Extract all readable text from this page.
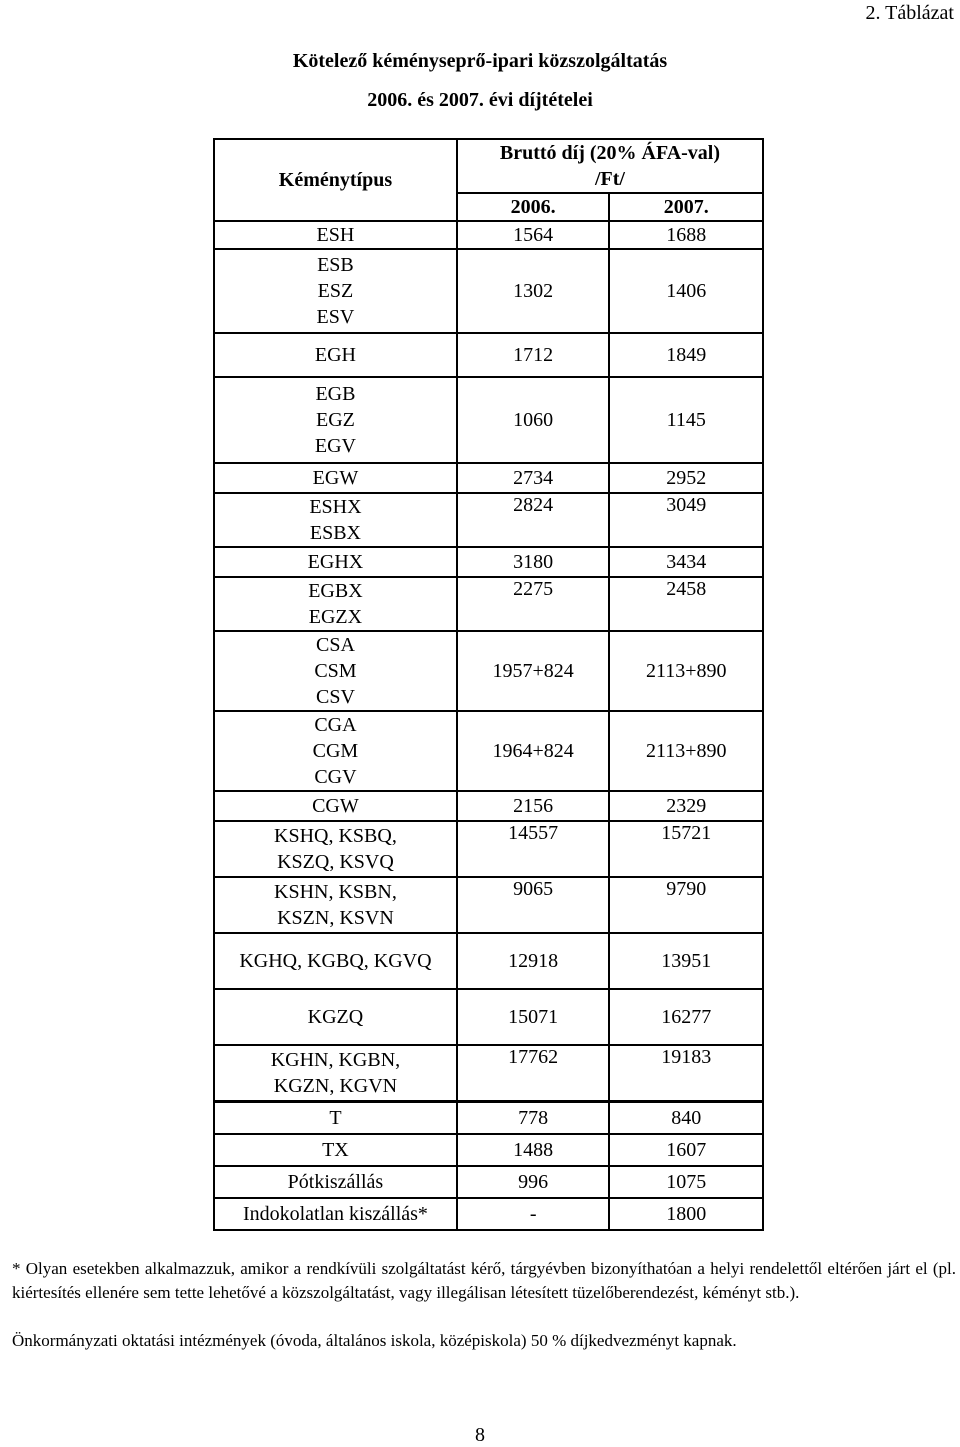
2. Táblázat
Kötelező kéményseprő-ipari közszolgáltatás
2006. és 2007. évi díjtételei
Kéménytípus	Bruttó díj (20% ÁFA-val)
/Ft/	

	2006.	2007.

ESH	1564	1688

ESB
ESZ
ESV	1302	1406

EGH	1712	1849

EGB
EGZ
EGV	1060	1145

EGW	2734	2952

ESHX
ESBX	2824	3049

EGHX	3180	3434

EGBX
EGZX	2275	2458

CSA
CSM
CSV	1957+824	2113+890

CGA
CGM
CGV	1964+824	2113+890

CGW	2156	2329

KSHQ, KSBQ,
KSZQ, KSVQ	14557	15721

KSHN, KSBN,
KSZN, KSVN	9065	9790

KGHQ, KGBQ, KGVQ	12918	13951

KGZQ	15071	16277

KGHN, KGBN,
KGZN, KGVN	17762	19183
T	778	840
TX	1488	1607
Pótkiszállás	996	1075
Indokolatlan kiszállás*	-	1800
* Olyan esetekben alkalmazzuk, amikor a rendkívüli szolgáltatást kérő, tárgyévben bizonyíthatóan a helyi rendelettől eltérően járt el (pl. kiértesítés ellenére sem tette lehetővé a közszolgáltatást, vagy illegálisan létesített tüzelőberendezést, kéményt stb.).
Önkormányzati oktatási intézmények (óvoda, általános iskola, középiskola) 50 % díjkedvezményt kapnak.
8
